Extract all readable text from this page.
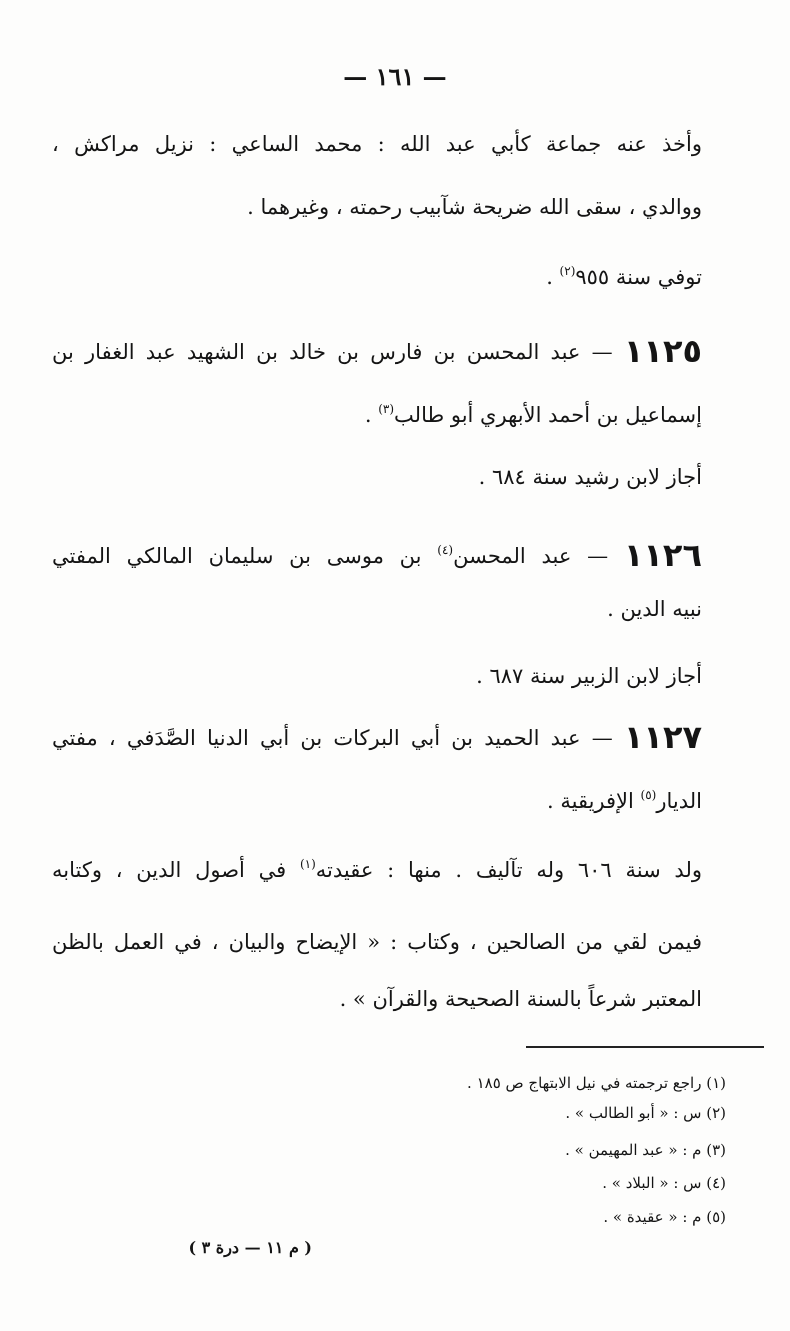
— ١٦١ —
وأخذ عنه جماعة كأبي عبد الله : محمد الساعي : نزيل مراكش ،
ووالدي ، سقى الله ضريحة شآبيب رحمته ، وغيرهما .
توفي سنة ٩٥٥$^{(٢)}$ .
١١٢٥ — عبد المحسن بن فارس بن خالد بن الشهيد عبد الغفار بن
إسماعيل بن أحمد الأبهري أبو طالب$^{(٣)}$ .
أجاز لابن رشيد سنة ٦٨٤ .
١١٢٦ — عبد المحسن$^{(٤)}$ بن موسى بن سليمان المالكي المفتي
نبيه الدين .
أجاز لابن الزبير سنة ٦٨٧ .
١١٢٧ — عبد الحميد بن أبي البركات بن أبي الدنيا الصَّدَفي ، مفتي
الديار$^{(٥)}$ الإفريقية .
ولد سنة ٦٠٦ وله تآليف . منها : عقيدته$^{(١)}$ في أصول الدين ، وكتابه
فيمن لقي من الصالحين ، وكتاب : « الإيضاح والبيان ، في العمل بالظن
المعتبر شرعاً بالسنة الصحيحة والقرآن » .
(١) راجع ترجمته في نيل الابتهاج ص ١٨٥ .
(٢) س : « أبو الطالب » .
(٣) م : « عبد المهيمن » .
(٤) س : « البلاد » .
(٥) م : « عقيدة » .
( م ١١ — درة ٣ )
